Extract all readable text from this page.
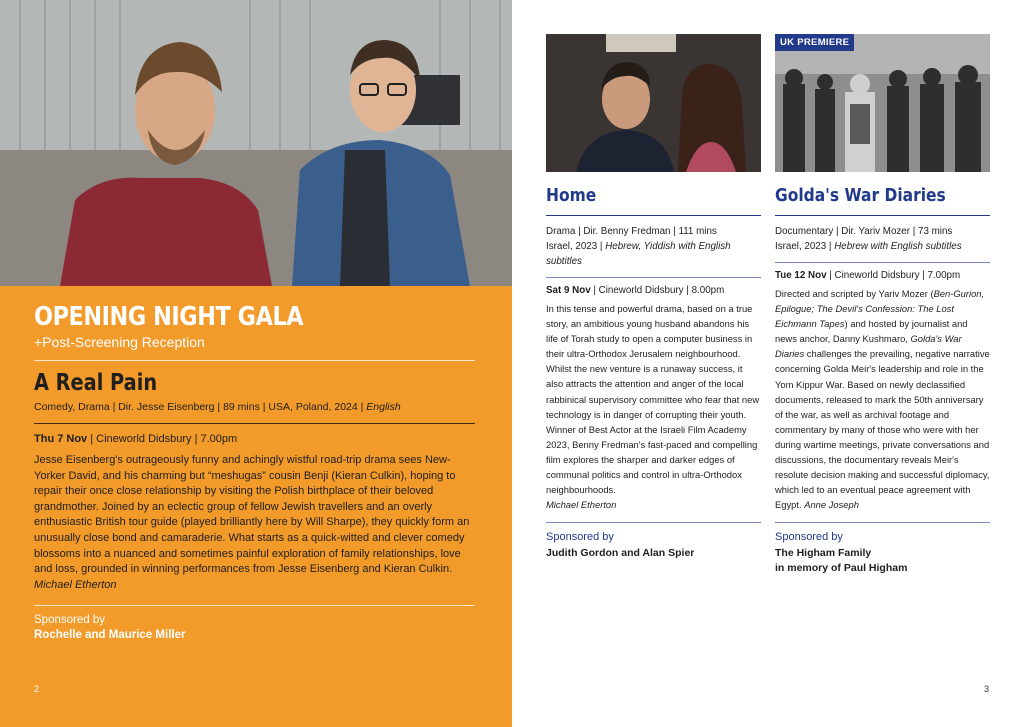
OPENING NIGHT GALA
+Post-Screening Reception
A Real Pain
Comedy, Drama | Dir. Jesse Eisenberg | 89 mins | USA, Poland, 2024 | English
Thu 7 Nov | Cineworld Didsbury | 7.00pm
Jesse Eisenberg's outrageously funny and achingly wistful road-trip drama sees New-Yorker David, and his charming but “meshugas” cousin Benji (Kieran Culkin), hoping to repair their once close relationship by visiting the Polish birthplace of their beloved grandmother. Joined by an eclectic group of fellow Jewish travellers and an overly enthusiastic British tour guide (played brilliantly here by Will Sharpe), they quickly form an unusually close bond and camaraderie. What starts as a quick-witted and clever comedy blossoms into a nuanced and sometimes painful exploration of family relationships, love and loss, grounded in winning performances from Jesse Eisenberg and Kieran Culkin. Michael Etherton
Sponsored by
Rochelle and Maurice Miller
2
Home
Drama | Dir. Benny Fredman | 111 mins
Israel, 2023 | Hebrew, Yiddish with English subtitles
Sat 9 Nov | Cineworld Didsbury | 8.00pm
In this tense and powerful drama, based on a true story, an ambitious young husband abandons his life of Torah study to open a computer business in their ultra-Orthodox Jerusalem neighbourhood. Whilst the new venture is a runaway success, it also attracts the attention and anger of the local rabbinical supervisory committee who fear that new technology is in danger of corrupting their youth. Winner of Best Actor at the Israeli Film Academy 2023, Benny Fredman's fast-paced and compelling film explores the sharper and darker edges of communal politics and control in ultra-Orthodox neighbourhoods.
Michael Etherton
Sponsored by
Judith Gordon and Alan Spier
UK PREMIERE
Golda's War Diaries
Documentary | Dir. Yariv Mozer | 73 mins
Israel, 2023 | Hebrew with English subtitles
Tue 12 Nov | Cineworld Didsbury | 7.00pm
Directed and scripted by Yariv Mozer (Ben-Gurion, Epilogue; The Devil's Confession: The Lost Eichmann Tapes) and hosted by journalist and news anchor, Danny Kushmaro, Golda's War Diaries challenges the prevailing, negative narrative concerning Golda Meir's leadership and role in the Yom Kippur War. Based on newly declassified documents, released to mark the 50th anniversary of the war, as well as archival footage and commentary by many of those who were with her during wartime meetings, private conversations and discussions, the documentary reveals Meir's resolute decision making and successful diplomacy, which led to an eventual peace agreement with Egypt. Anne Joseph
Sponsored by
The Higham Family
in memory of Paul Higham
3
